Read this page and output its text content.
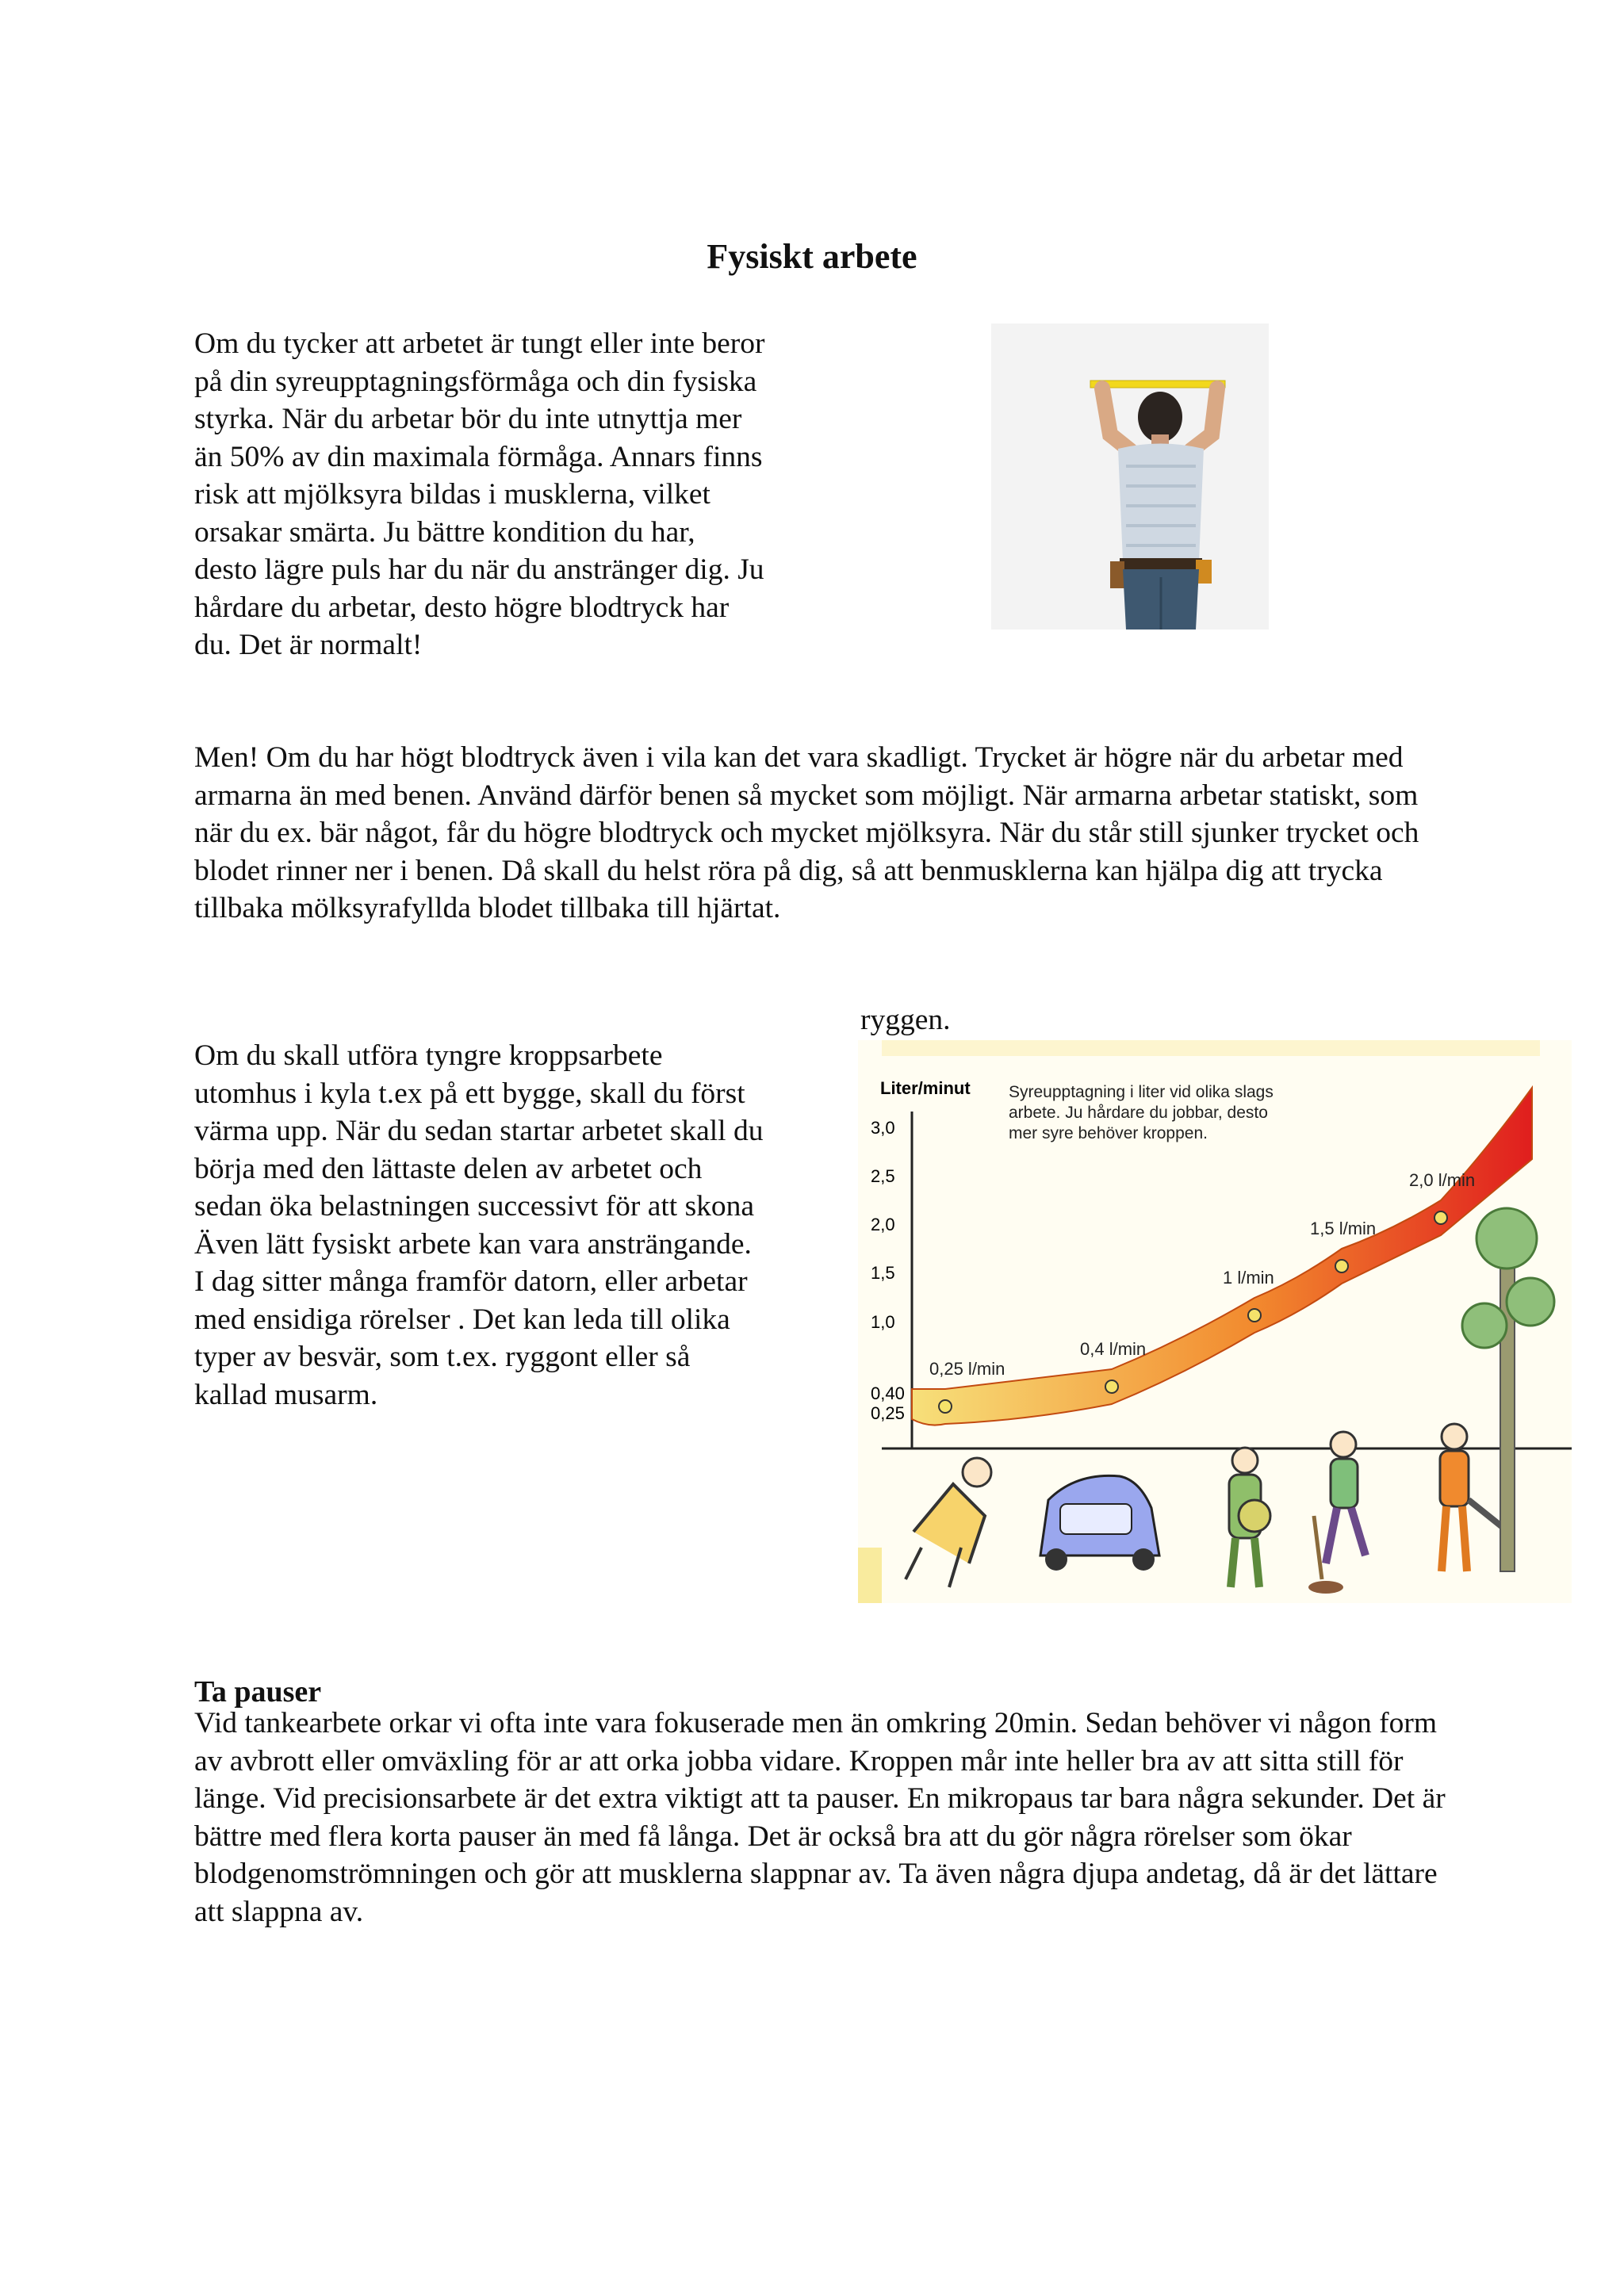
Fysiskt arbete

Om du tycker att arbetet är tungt eller inte beror på din syreupptagningsförmåga och din fysiska styrka. När du arbetar bör du inte utnyttja mer än 50% av din maximala förmåga. Annars finns risk att mjölksyra bildas i musklerna, vilket orsakar smärta. Ju bättre kondition du har, desto lägre puls har du när du anstränger dig. Ju hårdare du arbetar, desto högre blodtryck har du. Det är normalt!

Men! Om du har högt blodtryck även i vila kan det vara skadligt. Trycket är högre när du arbetar med armarna än med benen. Använd därför benen så mycket som möjligt. När armarna arbetar statiskt, som när du ex. bär något, får du högre blodtryck och mycket mjölksyra. När du står still sjunker trycket och blodet rinner ner i benen. Då skall du helst röra på dig, så att benmusklerna kan hjälpa dig att trycka tillbaka mölksyrafyllda blodet tillbaka till hjärtat.

ryggen.

Om du skall utföra tyngre kroppsarbete utomhus i kyla t.ex på ett bygge, skall du först värma upp. När du sedan startar arbetet skall du börja med den lättaste delen av arbetet och sedan öka belastningen successivt för att skona Även lätt fysiskt arbete kan vara ansträngande. I dag sitter många framför datorn, eller arbetar med ensidiga rörelser . Det kan leda till olika typer av besvär, som t.ex. ryggont eller så kallad musarm.

3,0
2,5
2,0
1,5
1,0
0,40
0,25
0,25 l/min
0,4 l/min
1 l/min
1,5 l/min
2,0 l/min
Liter/minut Syreupptagning i liter vid olika slags
arbete. Ju hårdare du jobbar, desto
mer syre behöver kroppen.
Ta pauser

Vid tankearbete orkar vi ofta inte vara fokuserade men än omkring 20min. Sedan behöver vi någon form av avbrott eller omväxling för ar att orka jobba vidare. Kroppen mår inte heller bra av att sitta still för länge. Vid precisionsarbete är det extra viktigt att ta pauser. En mikropaus tar bara några sekunder. Det är bättre med flera korta pauser än med få långa. Det är också bra att du gör några rörelser som ökar blodgenomströmningen och gör att musklerna slappnar av. Ta även några djupa andetag, då är det lättare att slappna av.
